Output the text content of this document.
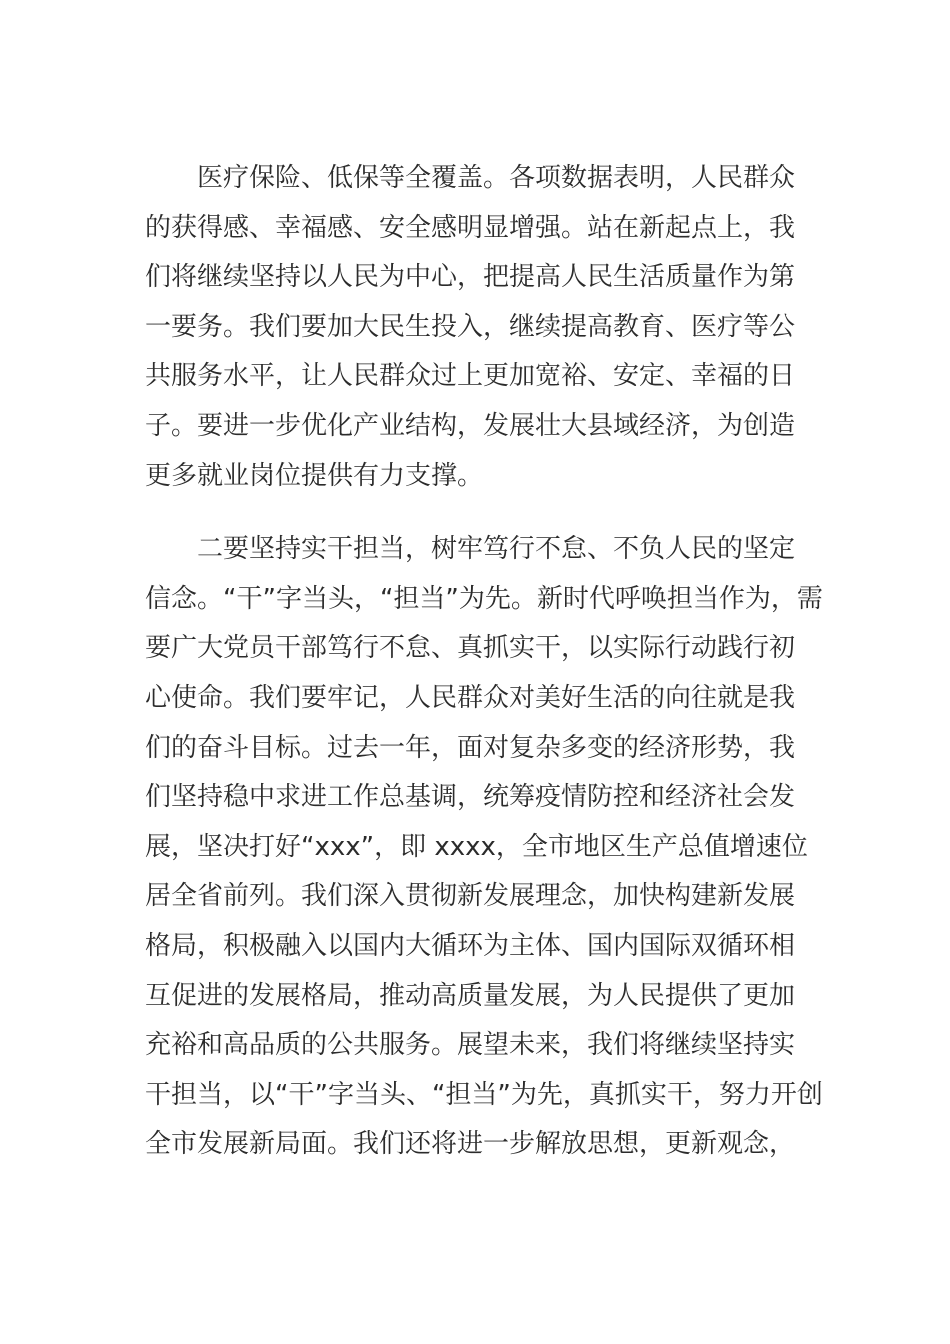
医疗保险、低保等全覆盖。各项数据表明，人民群众
的获得感、幸福感、安全感明显增强。站在新起点上，我
们将继续坚持以人民为中心，把提高人民生活质量作为第
一要务。我们要加大民生投入，继续提高教育、医疗等公
共服务水平，让人民群众过上更加宽裕、安定、幸福的日
子。要进一步优化产业结构，发展壮大县域经济，为创造
更多就业岗位提供有力支撑。
二要坚持实干担当，树牢笃行不怠、不负人民的坚定
信念。“干”字当头，“担当”为先。新时代呼唤担当作为，需
要广大党员干部笃行不怠、真抓实干，以实际行动践行初
心使命。我们要牢记，人民群众对美好生活的向往就是我
们的奋斗目标。过去一年，面对复杂多变的经济形势，我
们坚持稳中求进工作总基调，统筹疫情防控和经济社会发
展，坚决打好“xxx”，即 xxxx，全市地区生产总值增速位
居全省前列。我们深入贯彻新发展理念，加快构建新发展
格局，积极融入以国内大循环为主体、国内国际双循环相
互促进的发展格局，推动高质量发展，为人民提供了更加
充裕和高品质的公共服务。展望未来，我们将继续坚持实
干担当，以“干”字当头、“担当”为先，真抓实干，努力开创
全市发展新局面。我们还将进一步解放思想，更新观念，
